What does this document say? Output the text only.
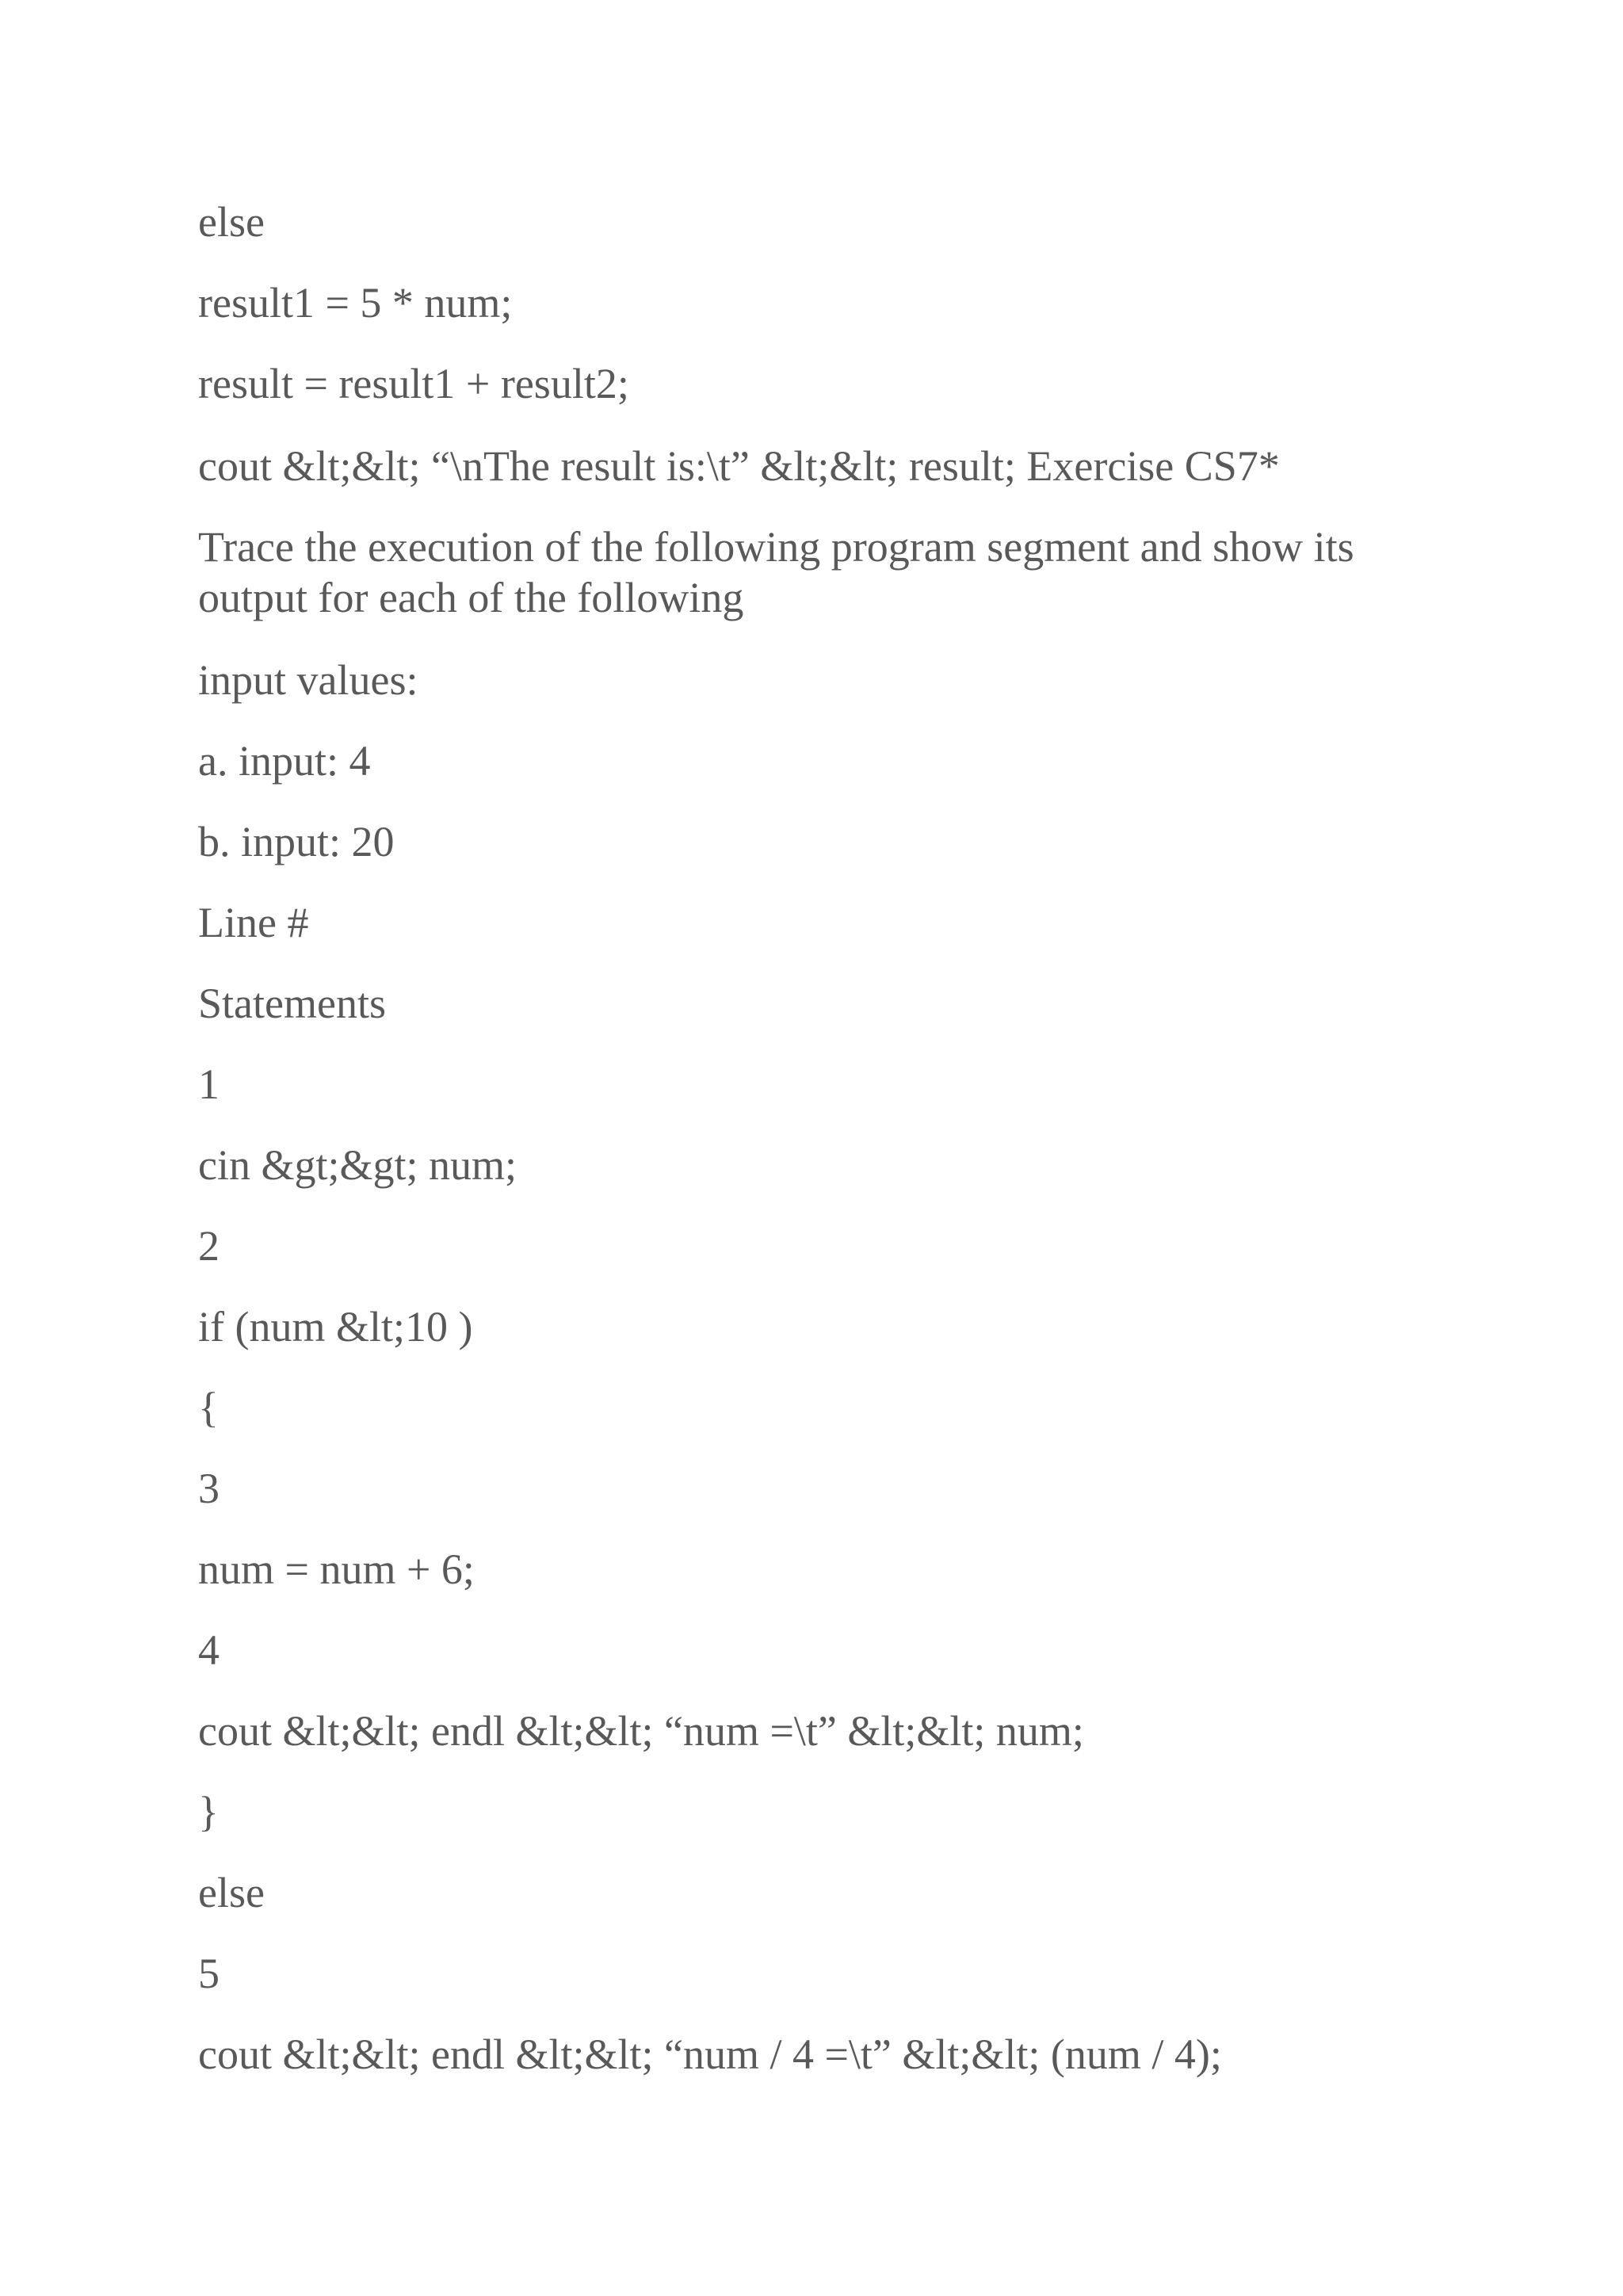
else

result1 = 5 * num;

result = result1 + result2;

cout &lt;&lt; “\nThe result is:\t” &lt;&lt; result; Exercise CS7*

Trace the execution of the following program segment and show its output for each of the following

input values:

a. input: 4

b. input: 20

Line #

Statements

1

cin &gt;&gt; num;

2

if (num &lt;10 )

{

3

num = num + 6;

4

cout &lt;&lt; endl &lt;&lt; “num =\t” &lt;&lt; num;

}

else

5

cout &lt;&lt; endl &lt;&lt; “num / 4 =\t” &lt;&lt; (num / 4);
